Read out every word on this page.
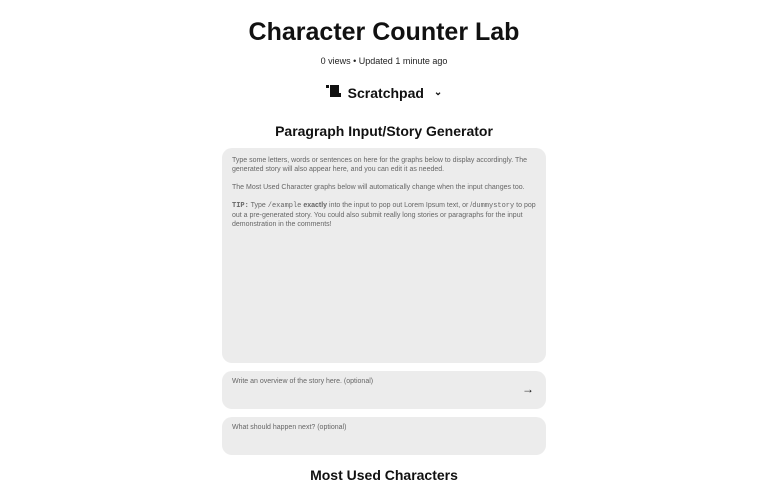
Character Counter Lab
0 views • Updated 1 minute ago
Scratchpad ⌄
Paragraph Input/Story Generator

Type some letters, words or sentences on here for the graphs below to display accordingly. The generated story will also appear here, and you can edit it as needed.

The Most Used Character graphs below will automatically change when the input changes too.

TIP: Type /example exactly into the input to pop out Lorem Ipsum text, or /dummystory to pop out a pre-generated story. You could also submit really long stories or paragraphs for the input demonstration in the comments!

Write an overview of the story here. (optional)
→
What should happen next? (optional)
Most Used Characters
